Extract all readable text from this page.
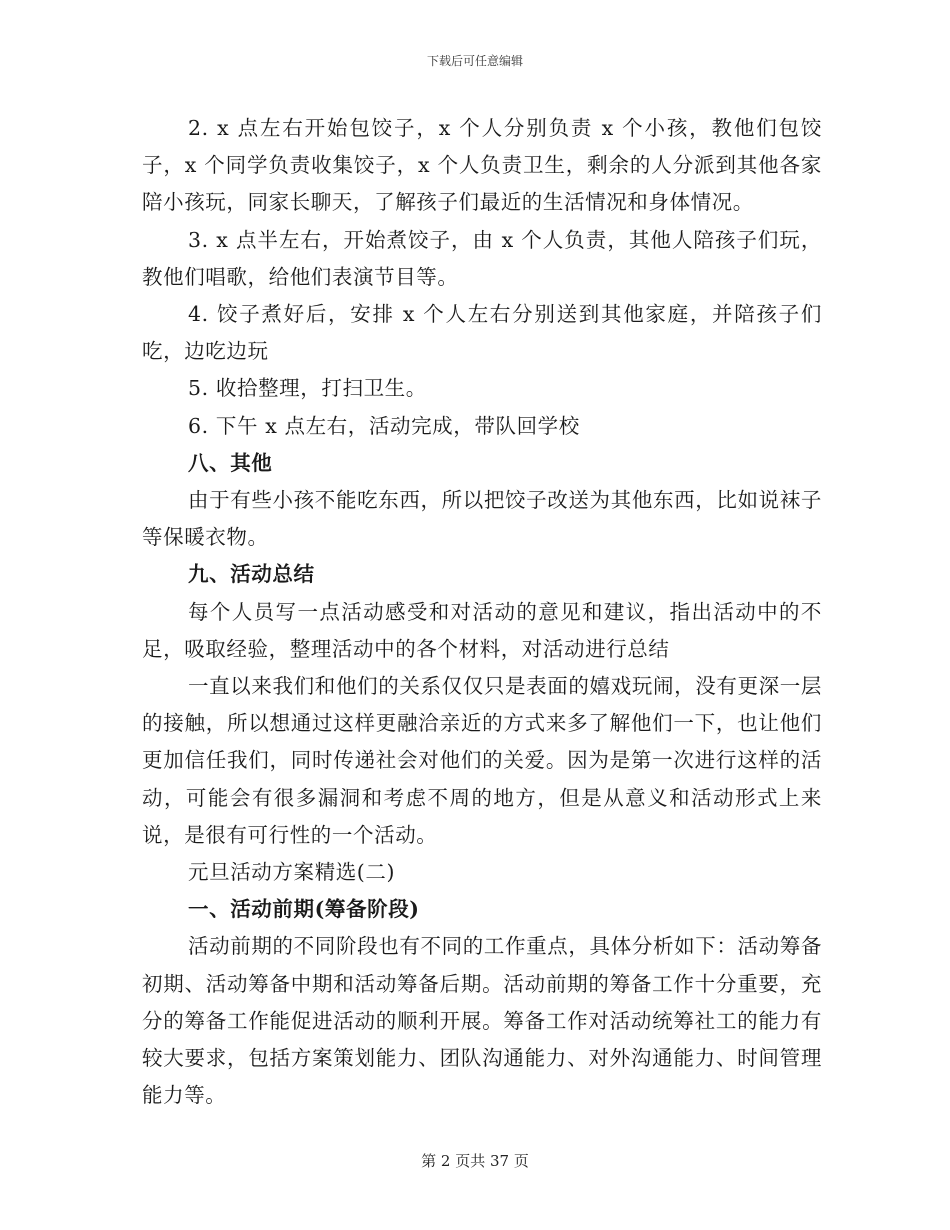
下载后可任意编辑

2. x 点左右开始包饺子，x 个人分别负责 x 个小孩，教他们包饺子，x 个同学负责收集饺子，x 个人负责卫生，剩余的人分派到其他各家陪小孩玩，同家长聊天，了解孩子们最近的生活情况和身体情况。

3. x 点半左右，开始煮饺子，由 x 个人负责，其他人陪孩子们玩，教他们唱歌，给他们表演节目等。

4. 饺子煮好后，安排 x 个人左右分别送到其他家庭，并陪孩子们吃，边吃边玩

5. 收拾整理，打扫卫生。

6. 下午 x 点左右，活动完成，带队回学校

八、其他

由于有些小孩不能吃东西，所以把饺子改送为其他东西，比如说袜子等保暖衣物。

九、活动总结

每个人员写一点活动感受和对活动的意见和建议，指出活动中的不足，吸取经验，整理活动中的各个材料，对活动进行总结

一直以来我们和他们的关系仅仅只是表面的嬉戏玩闹，没有更深一层的接触，所以想通过这样更融洽亲近的方式来多了解他们一下，也让他们更加信任我们，同时传递社会对他们的关爱。因为是第一次进行这样的活动，可能会有很多漏洞和考虑不周的地方，但是从意义和活动形式上来说，是很有可行性的一个活动。

元旦活动方案精选(二)

一、活动前期(筹备阶段)

活动前期的不同阶段也有不同的工作重点，具体分析如下：活动筹备初期、活动筹备中期和活动筹备后期。活动前期的筹备工作十分重要，充分的筹备工作能促进活动的顺利开展。筹备工作对活动统筹社工的能力有较大要求，包括方案策划能力、团队沟通能力、对外沟通能力、时间管理能力等。

第 2 页共 37 页
